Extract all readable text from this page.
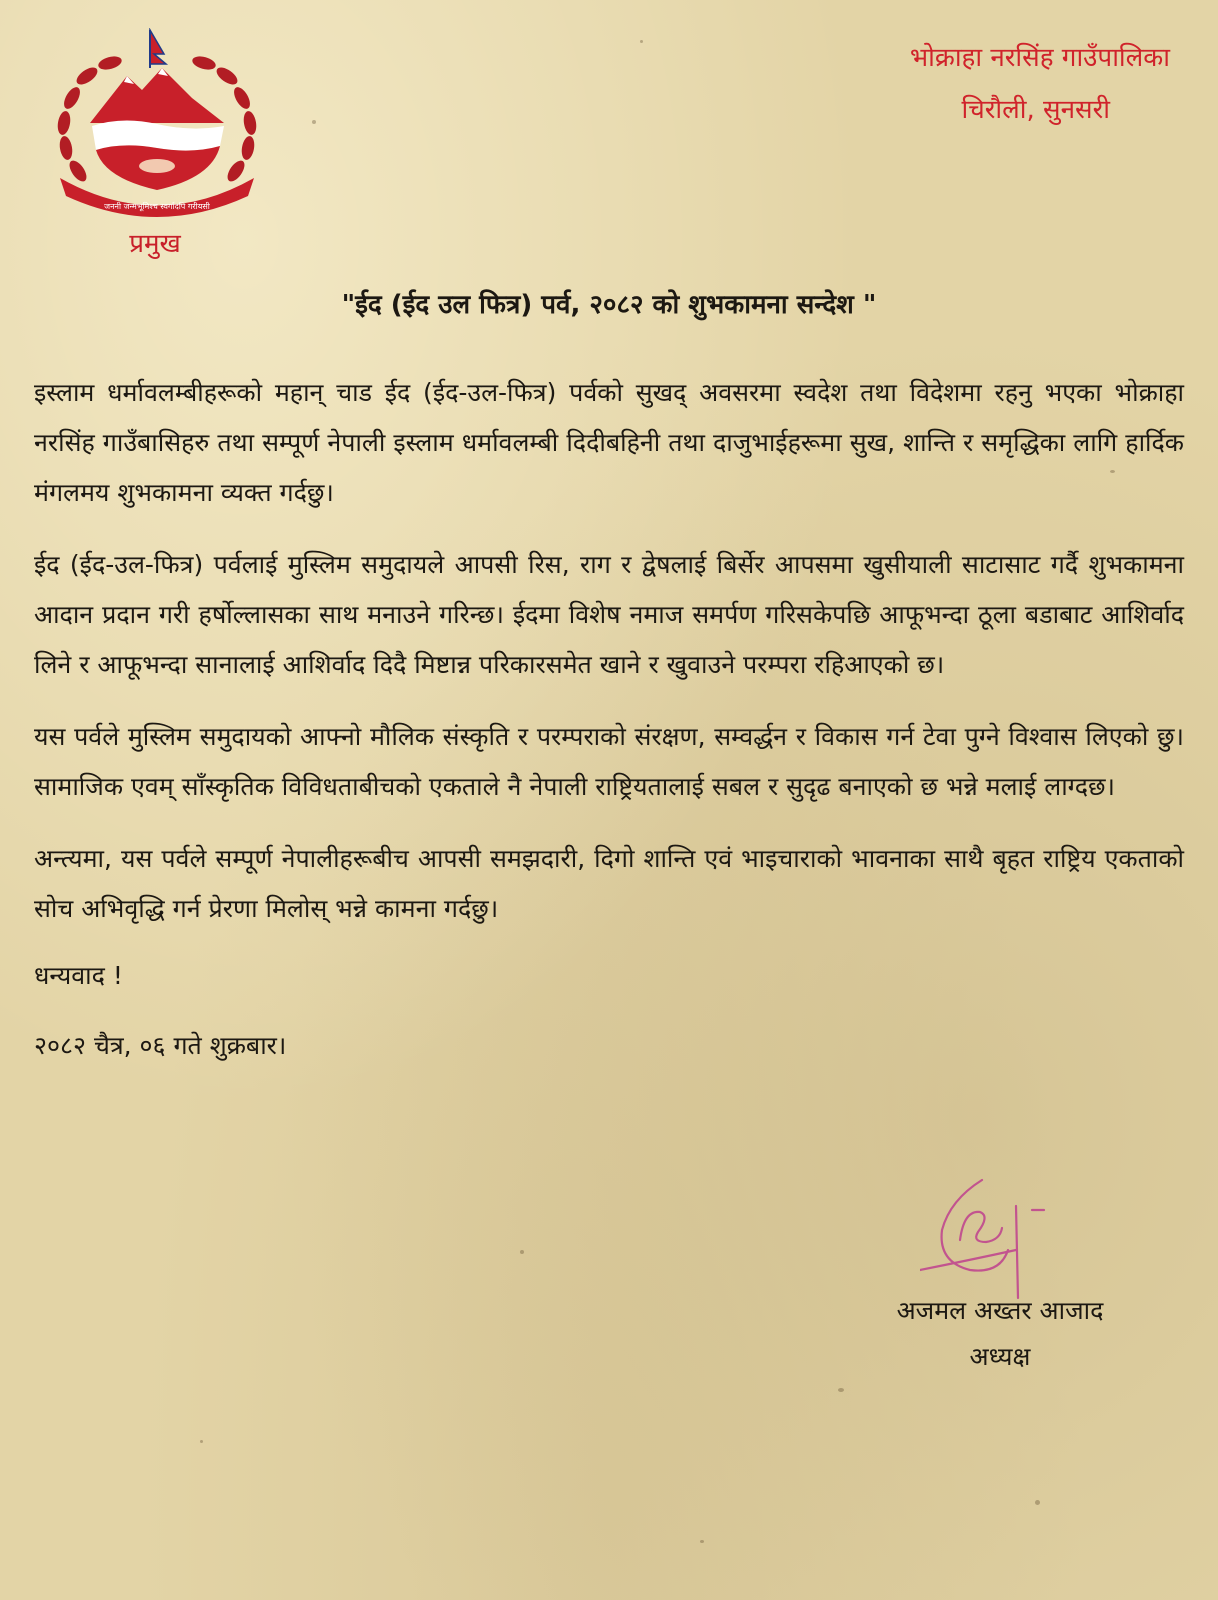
जननी जन्मभूमिश्च स्वर्गादपि गरीयसी
प्रमुख
भोक्राहा नरसिंह गाउँपालिका
चिरौली, सुनसरी
"ईद (ईद उल फित्र) पर्व, २०८२ को शुभकामना सन्देश "

इस्लाम धर्मावलम्बीहरूको महान् चाड ईद (ईद-उल-फित्र) पर्वको सुखद् अवसरमा स्वदेश तथा विदेशमा रहनु भएका भोक्राहा नरसिंह गाउँबासिहरु तथा सम्पूर्ण नेपाली इस्लाम धर्मावलम्बी दिदीबहिनी तथा दाजुभाईहरूमा सुख, शान्ति र समृद्धिका लागि हार्दिक मंगलमय शुभकामना व्यक्त गर्दछु।

ईद (ईद-उल-फित्र) पर्वलाई मुस्लिम समुदायले आपसी रिस, राग र द्वेषलाई बिर्सेर आपसमा खुसीयाली साटासाट गर्दै शुभकामना आदान प्रदान गरी हर्षोल्लासका साथ मनाउने गरिन्छ। ईदमा विशेष नमाज समर्पण गरिसकेपछि आफूभन्दा ठूला बडाबाट आशिर्वाद लिने र आफूभन्दा सानालाई आशिर्वाद दिदै मिष्टान्न परिकारसमेत खाने र खुवाउने परम्परा रहिआएको छ।

यस पर्वले मुस्लिम समुदायको आफ्नो मौलिक संस्कृति र परम्पराको संरक्षण, सम्वर्द्धन र विकास गर्न टेवा पुग्ने विश्वास लिएको छु। सामाजिक एवम् साँस्कृतिक विविधताबीचको एकताले नै नेपाली राष्ट्रियतालाई सबल र सुदृढ बनाएको छ भन्ने मलाई लाग्दछ।

अन्त्यमा, यस पर्वले सम्पूर्ण नेपालीहरूबीच आपसी समझदारी, दिगो शान्ति एवं भाइचाराको भावनाका साथै बृहत राष्ट्रिय एकताको सोच अभिवृद्धि गर्न प्रेरणा मिलोस् भन्ने कामना गर्दछु।

धन्यवाद !

२०८२ चैत्र, ०६ गते शुक्रबार।

अजमल अख्तर आजाद
अध्यक्ष
